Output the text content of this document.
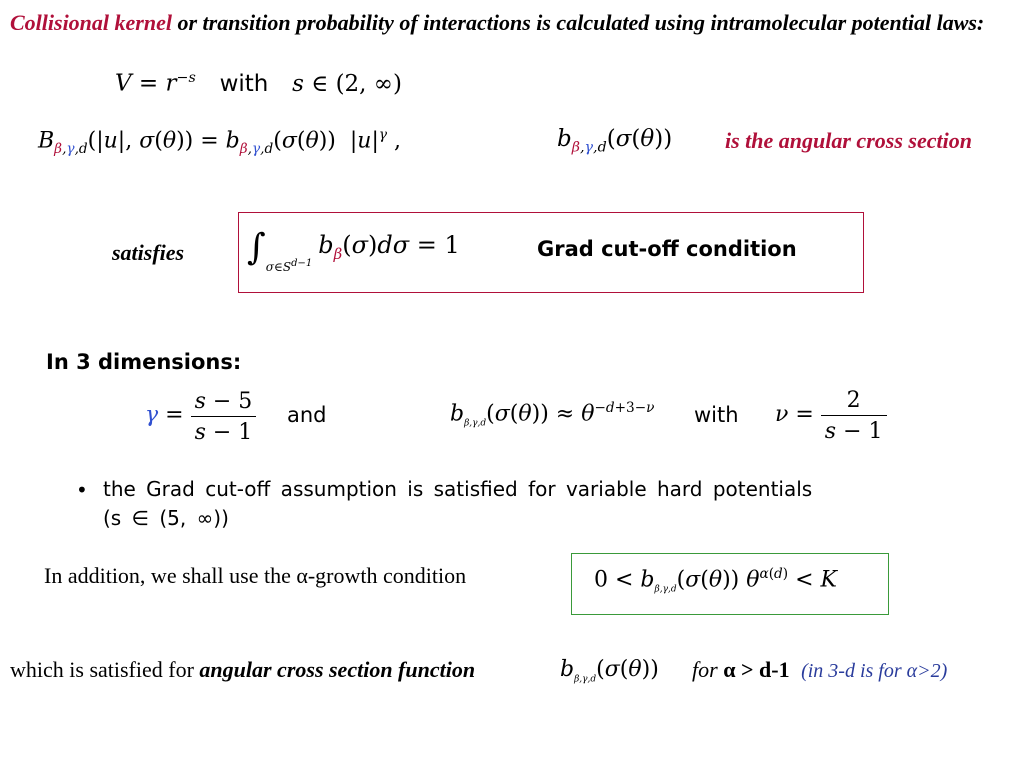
Collisional kernel or transition probability of interactions is calculated using intramolecular potential laws:
$V = r^{-s}$ with s ∈ (2, ∞)
$B_{\beta,\gamma,d}(|u|$, $\sigma(\theta)) = b_{\beta,\gamma,d}(\sigma(\theta))$  $|u|^\gamma$ ,	$b_{\beta,\gamma,d}(\sigma(\theta))$ is the angular cross section
satisfies $\int_{\sigma\in S^{d-1}}$ $b_\beta(\sigma)d\sigma = 1$	Grad cut-off condition
In 3 dimensions:
$\gamma = \frac{s - 5}{s - 1}$ and	$b_{\beta,\gamma,d}(\sigma(\theta)) \approx \theta^{-d+3-\nu}$ with $\nu = \frac{2}{s - 1}$
• the Grad cut-off assumption is satisfied for variable hard potentials
(s ∈ (5, ∞))
In addition, we shall use the α-growth condition	$0 < b_{\beta,\gamma,d}(\sigma(\theta)) \theta^{\alpha(d)} < K$
which is satisfied for angular cross section function	$b_{\beta,\gamma,d}(\sigma(\theta))$ for α > d-1 (in 3-d is for α>2)
